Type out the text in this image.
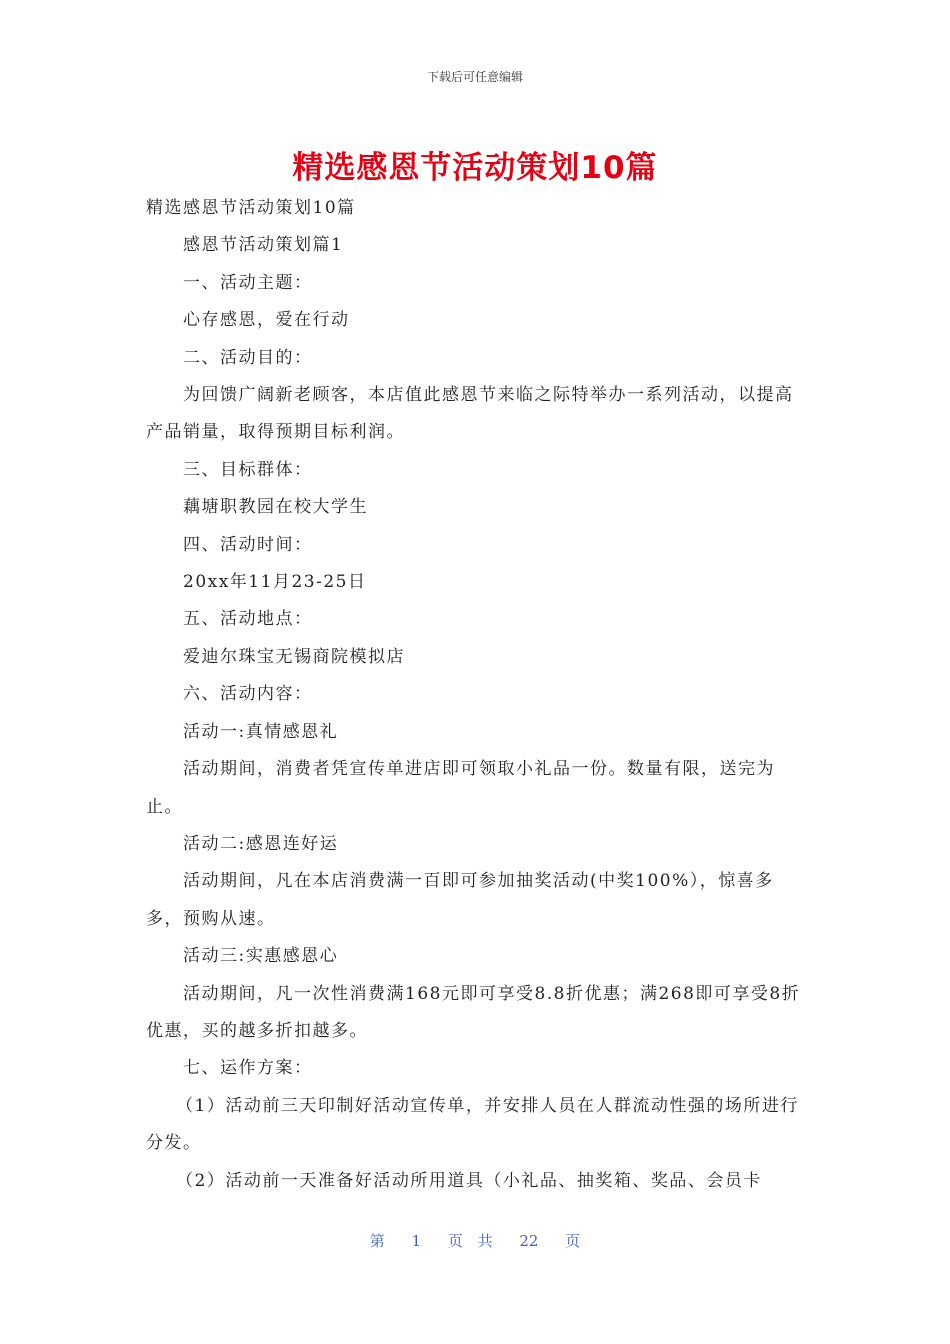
下载后可任意编辑
精选感恩节活动策划10篇

精选感恩节活动策划10篇

感恩节活动策划篇1

一、活动主题：

心存感恩，爱在行动

二、活动目的：

为回馈广阔新老顾客，本店值此感恩节来临之际特举办一系列活动，以提高产品销量，取得预期目标利润。

三、目标群体：

藕塘职教园在校大学生

四、活动时间：

20xx年11月23-25日

五、活动地点：

爱迪尔珠宝无锡商院模拟店

六、活动内容：

活动一:真情感恩礼

活动期间，消费者凭宣传单进店即可领取小礼品一份。数量有限，送完为止。

活动二:感恩连好运

活动期间，凡在本店消费满一百即可参加抽奖活动(中奖100%），惊喜多多，预购从速。

活动三:实惠感恩心

活动期间，凡一次性消费满168元即可享受8.8折优惠；满268即可享受8折优惠，买的越多折扣越多。

七、运作方案：

（1）活动前三天印制好活动宣传单，并安排人员在人群流动性强的场所进行分发。

（2）活动前一天准备好活动所用道具（小礼品、抽奖箱、奖品、会员卡

第 1 页 共 22 页
